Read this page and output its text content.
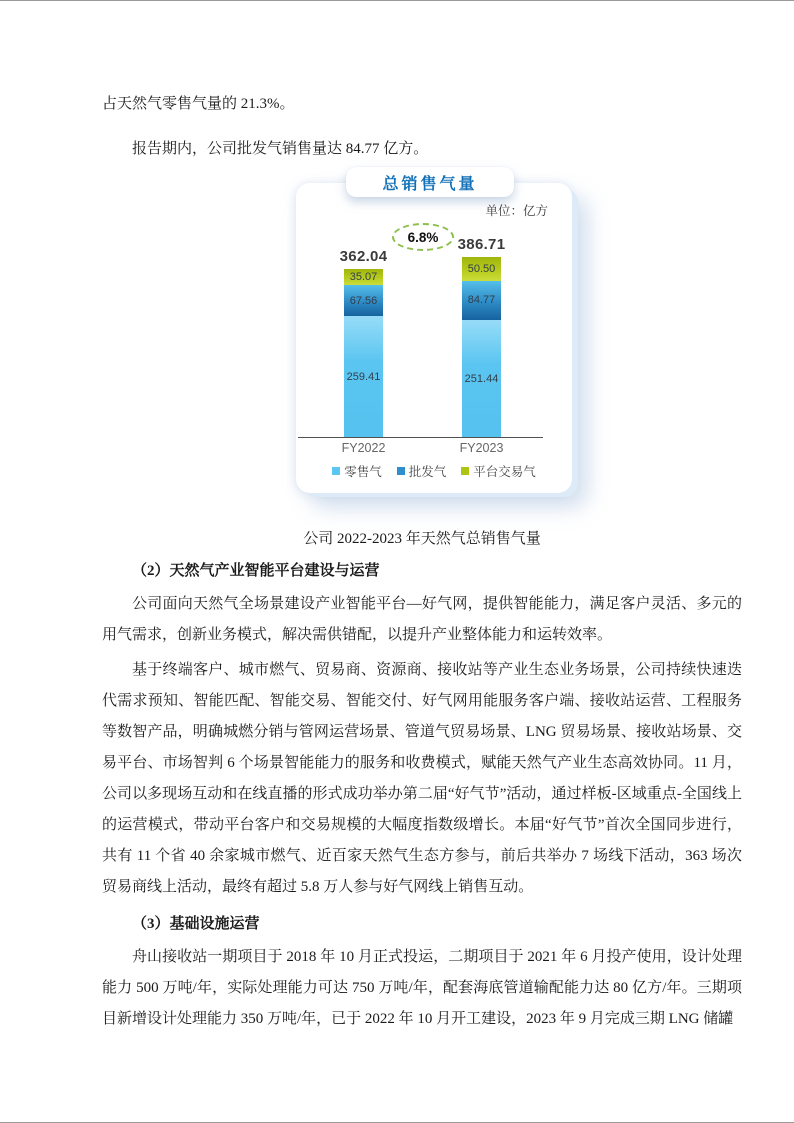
占天然气零售气量的 21.3%。

报告期内，公司批发气销售量达 84.77 亿方。

总销售气量
单位：亿方
6.8%
259.41
67.56
35.07
362.04
251.44
84.77
50.50
386.71
FY2022	FY2023
零售气 批发气 平台交易气

公司 2022-2023 年天然气总销售气量

（2）天然气产业智能平台建设与运营

公司面向天然气全场景建设产业智能平台—好气网，提供智能能力，满足客户灵活、多元的用气需求，创新业务模式，解决需供错配，以提升产业整体能力和运转效率。

基于终端客户、城市燃气、贸易商、资源商、接收站等产业生态业务场景，公司持续快速迭代需求预知、智能匹配、智能交易、智能交付、好气网用能服务客户端、接收站运营、工程服务等数智产品，明确城燃分销与管网运营场景、管道气贸易场景、LNG 贸易场景、接收站场景、交易平台、市场智判 6 个场景智能能力的服务和收费模式，赋能天然气产业生态高效协同。11 月，公司以多现场互动和在线直播的形式成功举办第二届“好气节”活动，通过样板-区域重点-全国线上的运营模式，带动平台客户和交易规模的大幅度指数级增长。本届“好气节”首次全国同步进行，共有 11 个省 40 余家城市燃气、近百家天然气生态方参与，前后共举办 7 场线下活动，363 场次贸易商线上活动，最终有超过 5.8 万人参与好气网线上销售互动。

（3）基础设施运营

舟山接收站一期项目于 2018 年 10 月正式投运，二期项目于 2021 年 6 月投产使用，设计处理能力 500 万吨/年，实际处理能力可达 750 万吨/年，配套海底管道输配能力达 80 亿方/年。三期项目新增设计处理能力 350 万吨/年，已于 2022 年 10 月开工建设，2023 年 9 月完成三期 LNG 储罐
